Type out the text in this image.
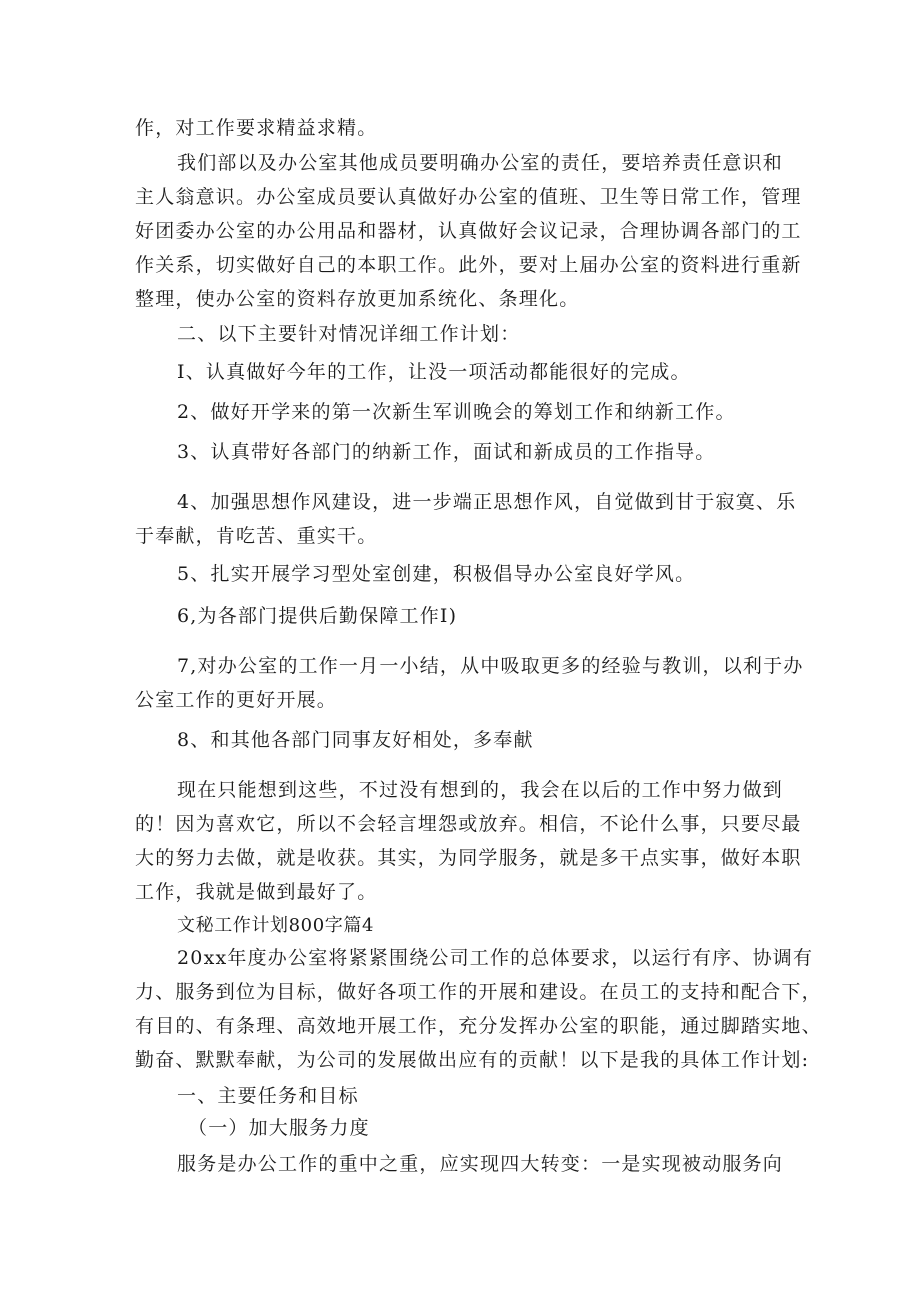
作，对工作要求精益求精。
我们部以及办公室其他成员要明确办公室的责任，要培养责任意识和
主人翁意识。办公室成员要认真做好办公室的值班、卫生等日常工作，管理
好团委办公室的办公用品和器材，认真做好会议记录，合理协调各部门的工
作关系，切实做好自己的本职工作。此外，要对上届办公室的资料进行重新
整理，使办公室的资料存放更加系统化、条理化。
二、以下主要针对情况详细工作计划：
I、认真做好今年的工作，让没一项活动都能很好的完成。
2、做好开学来的第一次新生军训晚会的筹划工作和纳新工作。
3、认真带好各部门的纳新工作，面试和新成员的工作指导。
4、加强思想作风建设，进一步端正思想作风，自觉做到甘于寂寞、乐
于奉献，肯吃苦、重实干。
5、扎实开展学习型处室创建，积极倡导办公室良好学风。
6,为各部门提供后勤保障工作I)
7,对办公室的工作一月一小结，从中吸取更多的经验与教训，以利于办
公室工作的更好开展。
8、和其他各部门同事友好相处，多奉献
现在只能想到这些，不过没有想到的，我会在以后的工作中努力做到
的！因为喜欢它，所以不会轻言埋怨或放弃。相信，不论什么事，只要尽最
大的努力去做，就是收获。其实，为同学服务，就是多干点实事，做好本职
工作，我就是做到最好了。
文秘工作计划800字篇4
20xx年度办公室将紧紧围绕公司工作的总体要求，以运行有序、协调有
力、服务到位为目标，做好各项工作的开展和建设。在员工的支持和配合下，
有目的、有条理、高效地开展工作，充分发挥办公室的职能，通过脚踏实地、
勤奋、默默奉献，为公司的发展做出应有的贡献！以下是我的具体工作计划:
一、主要任务和目标
（一）加大服务力度
服务是办公工作的重中之重，应实现四大转变：一是实现被动服务向
